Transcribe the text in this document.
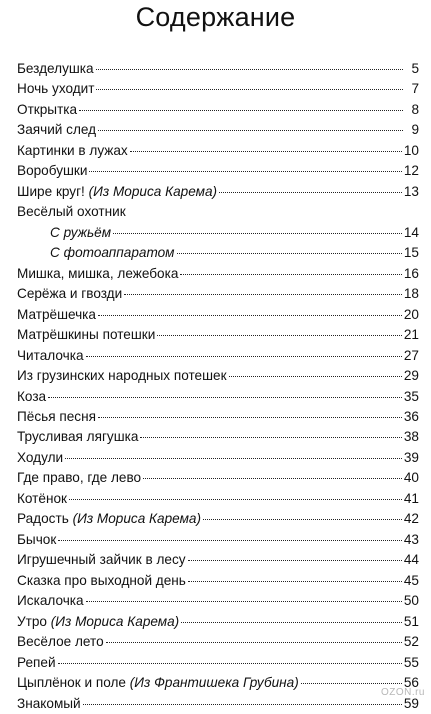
Содержание
Безделушка	5
Ночь уходит	7
Открытка	8
Заячий след	9
Картинки в лужах	10
Воробушки	12
Шире круг! (Из Мориса Карема)	13
Весёлый охотник
С ружьём	14
С фотоаппаратом	15
Мишка, мишка, лежебока	16
Серёжа и гвозди	18
Матрёшечка	20
Матрёшкины потешки	21
Читалочка	27
Из грузинских народных потешек	29
Коза	35
Пёсья песня	36
Трусливая лягушка	38
Ходули	39
Где право, где лево	40
Котёнок	41
Радость (Из Мориса Карема)	42
Бычок	43
Игрушечный зайчик в лесу	44
Сказка про выходной день	45
Искалочка	50
Утро (Из Мориса Карема)	51
Весёлое лето	52
Репей	55
Цыплёнок и поле (Из Франтишека Грубина)	56
Знакомый	59
OZON.ru
